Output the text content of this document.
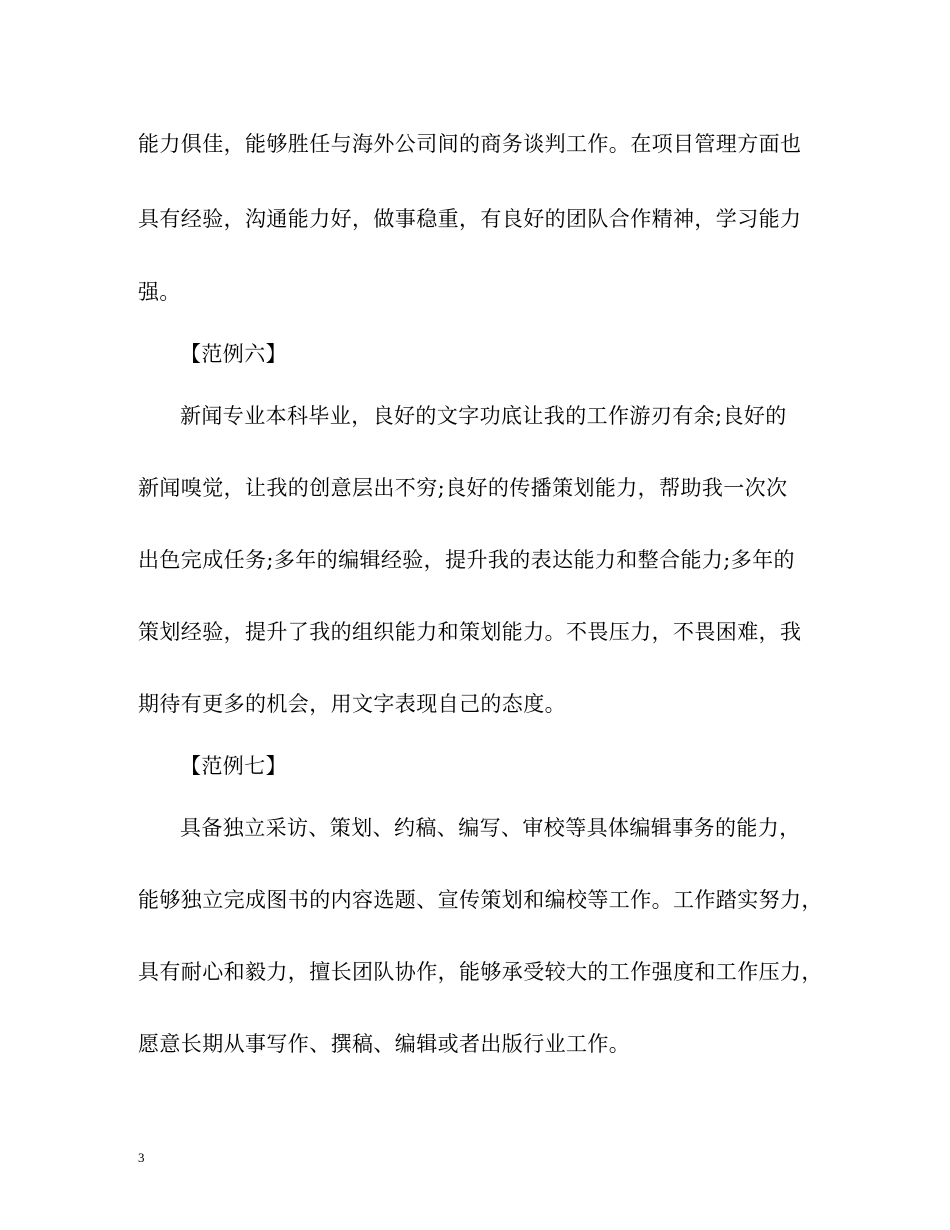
能力俱佳，能够胜任与海外公司间的商务谈判工作。在项目管理方面也
具有经验，沟通能力好，做事稳重，有良好的团队合作精神，学习能力
强。
【范例六】
新闻专业本科毕业，良好的文字功底让我的工作游刃有余;良好的
新闻嗅觉，让我的创意层出不穷;良好的传播策划能力，帮助我一次次
出色完成任务;多年的编辑经验，提升我的表达能力和整合能力;多年的
策划经验，提升了我的组织能力和策划能力。不畏压力，不畏困难，我
期待有更多的机会，用文字表现自己的态度。
【范例七】
具备独立采访、策划、约稿、编写、审校等具体编辑事务的能力，
能够独立完成图书的内容选题、宣传策划和编校等工作。工作踏实努力，
具有耐心和毅力，擅长团队协作，能够承受较大的工作强度和工作压力，
愿意长期从事写作、撰稿、编辑或者出版行业工作。
3
